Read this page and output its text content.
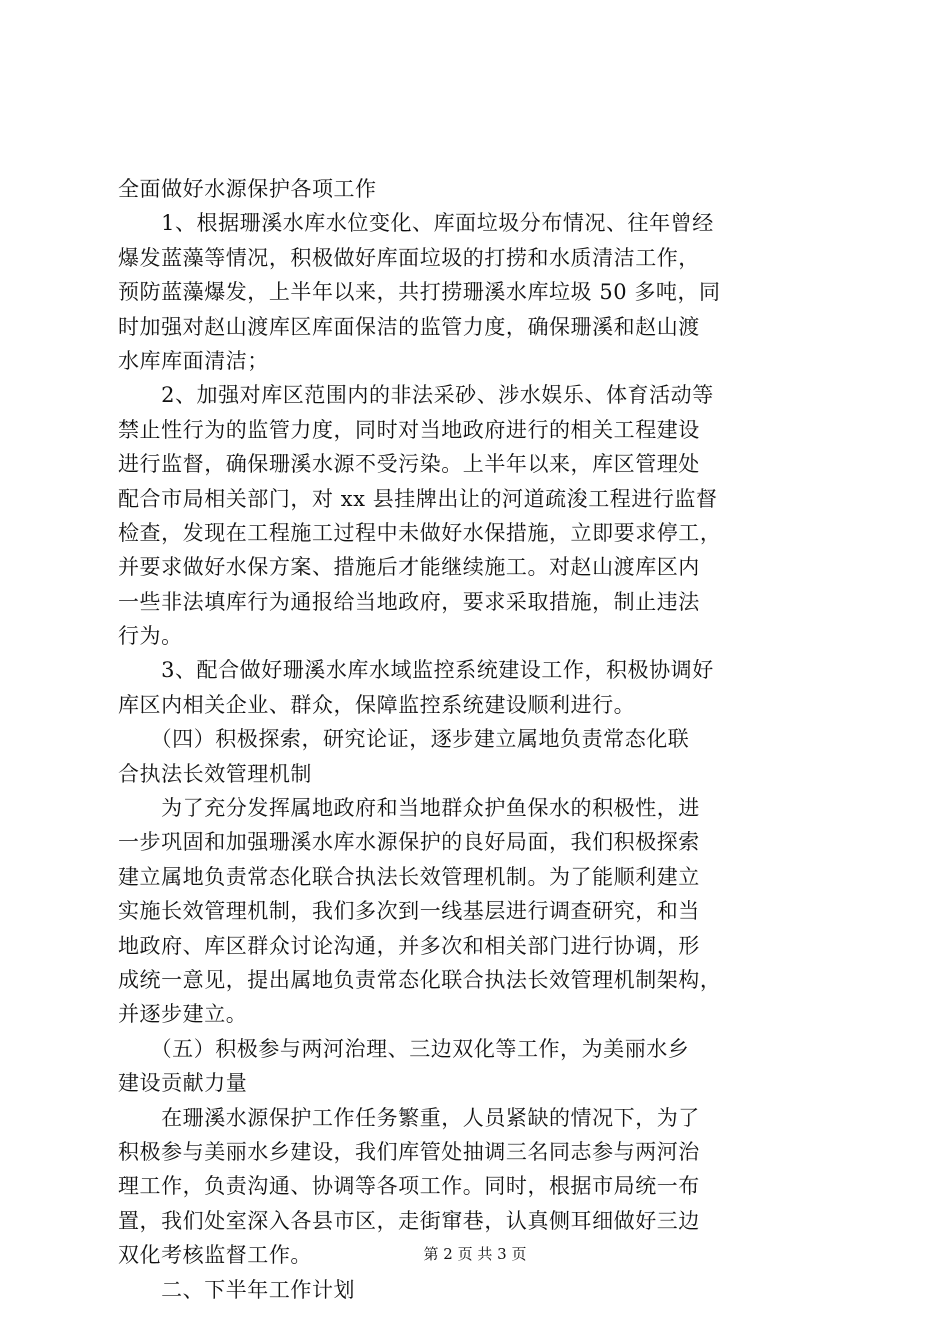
全面做好水源保护各项工作
　　1、根据珊溪水库水位变化、库面垃圾分布情况、往年曾经
爆发蓝藻等情况，积极做好库面垃圾的打捞和水质清洁工作，
预防蓝藻爆发，上半年以来，共打捞珊溪水库垃圾 50 多吨，同
时加强对赵山渡库区库面保洁的监管力度，确保珊溪和赵山渡
水库库面清洁；
　　2、加强对库区范围内的非法采砂、涉水娱乐、体育活动等
禁止性行为的监管力度，同时对当地政府进行的相关工程建设
进行监督，确保珊溪水源不受污染。上半年以来，库区管理处
配合市局相关部门，对 xx 县挂牌出让的河道疏浚工程进行监督
检查，发现在工程施工过程中未做好水保措施，立即要求停工，
并要求做好水保方案、措施后才能继续施工。对赵山渡库区内
一些非法填库行为通报给当地政府，要求采取措施，制止违法
行为。
　　3、配合做好珊溪水库水域监控系统建设工作，积极协调好
库区内相关企业、群众，保障监控系统建设顺利进行。
　　（四）积极探索，研究论证，逐步建立属地负责常态化联
合执法长效管理机制
　　为了充分发挥属地政府和当地群众护鱼保水的积极性，进
一步巩固和加强珊溪水库水源保护的良好局面，我们积极探索
建立属地负责常态化联合执法长效管理机制。为了能顺利建立
实施长效管理机制，我们多次到一线基层进行调查研究，和当
地政府、库区群众讨论沟通，并多次和相关部门进行协调，形
成统一意见，提出属地负责常态化联合执法长效管理机制架构，
并逐步建立。
　　（五）积极参与两河治理、三边双化等工作，为美丽水乡
建设贡献力量
　　在珊溪水源保护工作任务繁重，人员紧缺的情况下，为了
积极参与美丽水乡建设，我们库管处抽调三名同志参与两河治
理工作，负责沟通、协调等各项工作。同时，根据市局统一布
置，我们处室深入各县市区，走街窜巷，认真侧耳细做好三边
双化考核监督工作。
　　二、下半年工作计划
第 2 页 共 3 页
